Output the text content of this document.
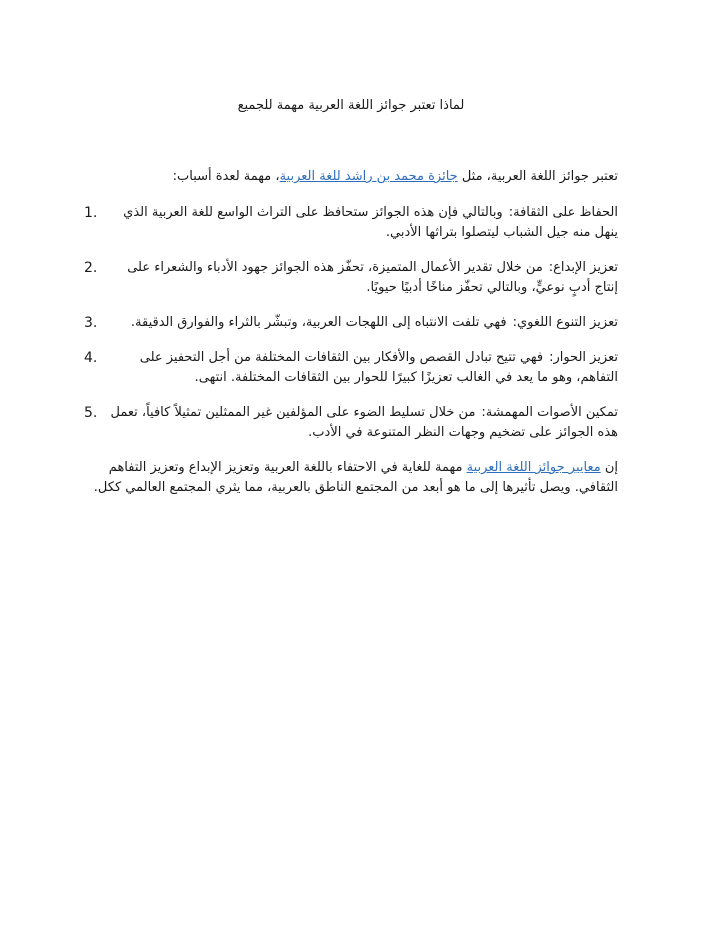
لماذا تعتبر جوائز اللغة العربية مهمة للجميع

تعتبر جوائز اللغة العربية، مثل جائزة محمد بن راشد للغة العربية، مهمة لعدة أسباب:

الحفاظ على الثقافة:وبالتالي فإن هذه الجوائز ستحافظ على التراث الواسع للغة العربية الذي ينهل منه جيل الشباب ليتصلوا بتراثها الأدبي.
1.
تعزيز الإبداع:من خلال تقدير الأعمال المتميزة، تحفّز هذه الجوائز جهود الأدباء والشعراء على إنتاج أدبٍ نوعيٍّ، وبالتالي تحفّز مناخًا أدبيًا حيويًا.
2.
تعزيز التنوع اللغوي:فهي تلفت الانتباه إلى اللهجات العربية، وتبشّر بالثراء والفوارق الدقيقة.
3.
تعزيز الحوار:فهي تتيح تبادل القصص والأفكار بين الثقافات المختلفة من أجل التحفيز على التفاهم، وهو ما يعد في الغالب تعزيزًا كبيرًا للحوار بين الثقافات المختلفة. انتهى.
4.
تمكين الأصوات المهمشة:من خلال تسليط الضوء على المؤلفين غير الممثلين تمثيلاً كافياً، تعمل هذه الجوائز على تضخيم وجهات النظر المتنوعة في الأدب.
5.

إن معايير جوائز اللغة العربية مهمة للغاية في الاحتفاء باللغة العربية وتعزيز الإبداع وتعزيز التفاهم الثقافي. ويصل تأثيرها إلى ما هو أبعد من المجتمع الناطق بالعربية، مما يثري المجتمع العالمي ككل.
